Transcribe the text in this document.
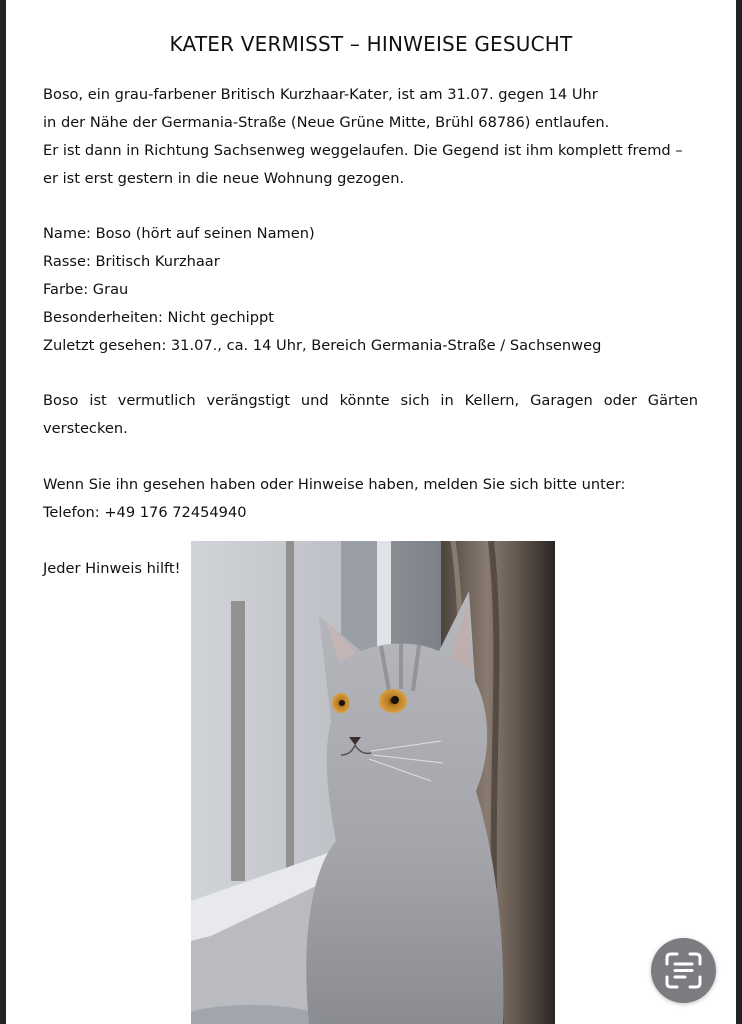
KATER VERMISST – HINWEISE GESUCHT
Boso, ein grau-farbener Britisch Kurzhaar-Kater, ist am 31.07. gegen 14 Uhr
in der Nähe der Germania-Straße (Neue Grüne Mitte, Brühl 68786) entlaufen.
Er ist dann in Richtung Sachsenweg weggelaufen. Die Gegend ist ihm komplett fremd –
er ist erst gestern in die neue Wohnung gezogen.
Name: Boso (hört auf seinen Namen)
Rasse: Britisch Kurzhaar
Farbe: Grau
Besonderheiten: Nicht gechippt
Zuletzt gesehen: 31.07., ca. 14 Uhr, Bereich Germania-Straße / Sachsenweg
Boso ist vermutlich verängstigt und könnte sich in Kellern, Garagen oder Gärten
verstecken.
Wenn Sie ihn gesehen haben oder Hinweise haben, melden Sie sich bitte unter:
Telefon: +49 176 72454940
Jeder Hinweis hilft!
